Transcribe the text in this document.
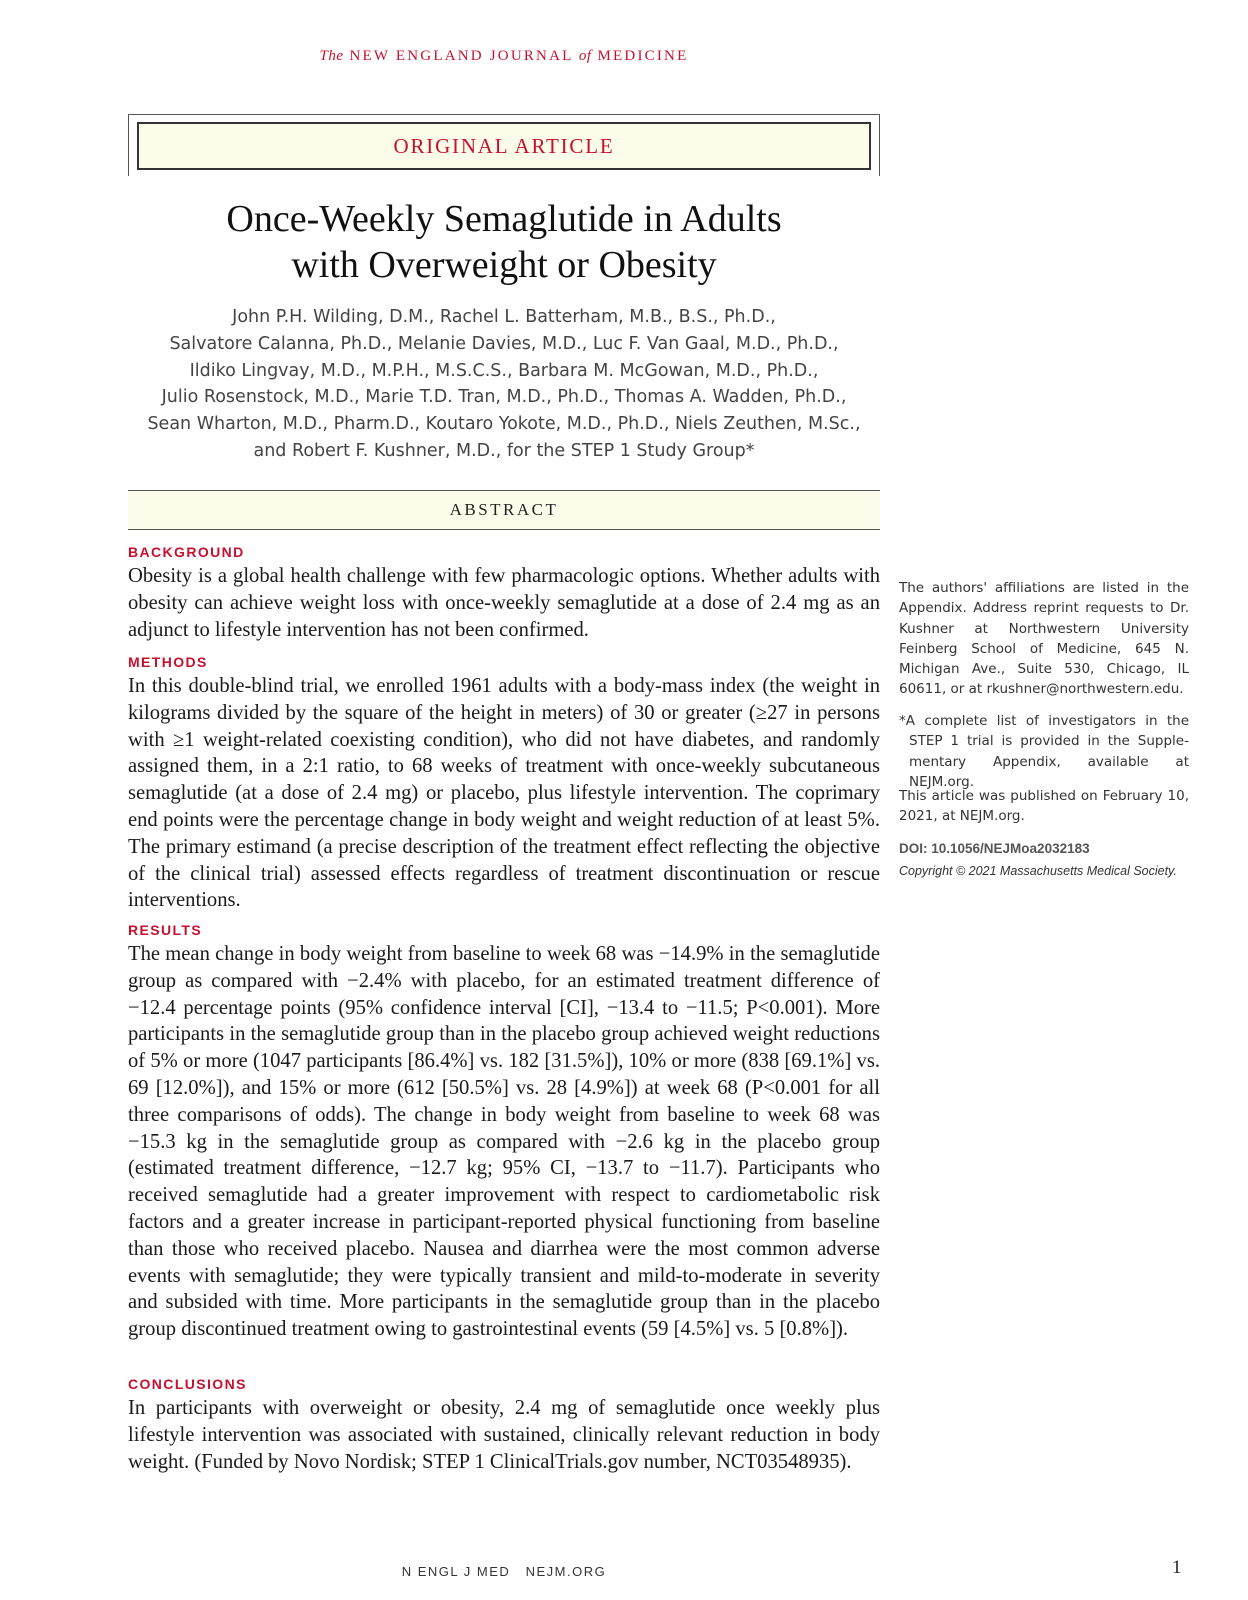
The NEW ENGLAND JOURNAL of MEDICINE
ORIGINAL ARTICLE
Once-Weekly Semaglutide in Adults
with Overweight or Obesity
John P.H. Wilding, D.M., Rachel L. Batterham, M.B., B.S., Ph.D.,
Salvatore Calanna, Ph.D., Melanie Davies, M.D., Luc F. Van Gaal, M.D., Ph.D.,
Ildiko Lingvay, M.D., M.P.H., M.S.C.S., Barbara M. McGowan, M.D., Ph.D.,
Julio Rosenstock, M.D., Marie T.D. Tran, M.D., Ph.D., Thomas A. Wadden, Ph.D.,
Sean Wharton, M.D., Pharm.D., Koutaro Yokote, M.D., Ph.D., Niels Zeuthen, M.Sc.,
and Robert F. Kushner, M.D., for the STEP 1 Study Group*
ABSTRACT
BACKGROUND
Obesity is a global health challenge with few pharmacologic options. Whether adults with obesity can achieve weight loss with once-weekly semaglutide at a dose of 2.4 mg as an adjunct to lifestyle intervention has not been confirmed.
METHODS
In this double-blind trial, we enrolled 1961 adults with a body-mass index (the weight in kilograms divided by the square of the height in meters) of 30 or greater (≥27 in persons with ≥1 weight-related coexisting condition), who did not have diabetes, and randomly assigned them, in a 2:1 ratio, to 68 weeks of treatment with once-weekly subcutaneous semaglutide (at a dose of 2.4 mg) or placebo, plus lifestyle intervention. The coprimary end points were the percentage change in body weight and weight reduction of at least 5%. The primary estimand (a precise description of the treatment effect reflecting the objective of the clinical trial) assessed effects regardless of treatment discontinuation or rescue interventions.
RESULTS
The mean change in body weight from baseline to week 68 was −14.9% in the semaglutide group as compared with −2.4% with placebo, for an estimated treatment difference of −12.4 percentage points (95% confidence interval [CI], −13.4 to −11.5; P<0.001). More participants in the semaglutide group than in the placebo group achieved weight reductions of 5% or more (1047 participants [86.4%] vs. 182 [31.5%]), 10% or more (838 [69.1%] vs. 69 [12.0%]), and 15% or more (612 [50.5%] vs. 28 [4.9%]) at week 68 (P<0.001 for all three comparisons of odds). The change in body weight from baseline to week 68 was −15.3 kg in the semaglutide group as compared with −2.6 kg in the placebo group (estimated treatment difference, −12.7 kg; 95% CI, −13.7 to −11.7). Participants who received semaglutide had a greater improvement with respect to cardiometabolic risk factors and a greater increase in participant-reported physical functioning from baseline than those who received placebo. Nausea and diarrhea were the most common adverse events with semaglutide; they were typically transient and mild-to-moderate in severity and subsided with time. More participants in the semaglutide group than in the placebo group discontinued treatment owing to gastrointestinal events (59 [4.5%] vs. 5 [0.8%]).
CONCLUSIONS
In participants with overweight or obesity, 2.4 mg of semaglutide once weekly plus lifestyle intervention was associated with sustained, clinically relevant reduction in body weight. (Funded by Novo Nordisk; STEP 1 ClinicalTrials.gov number, NCT03548935).
The authors' affiliations are listed in the Appendix. Address reprint requests to Dr. Kushner at Northwestern University Feinberg School of Medicine, 645 N. Michigan Ave., Suite 530, Chicago, IL 60611, or at rkushner@northwestern.edu.
*A complete list of investigators in the STEP 1 trial is provided in the Supplementary Appendix, available at NEJM.org.
This article was published on February 10, 2021, at NEJM.org.
DOI: 10.1056/NEJMoa2032183
Copyright © 2021 Massachusetts Medical Society.
N ENGL J MED   NEJM.ORG	1
